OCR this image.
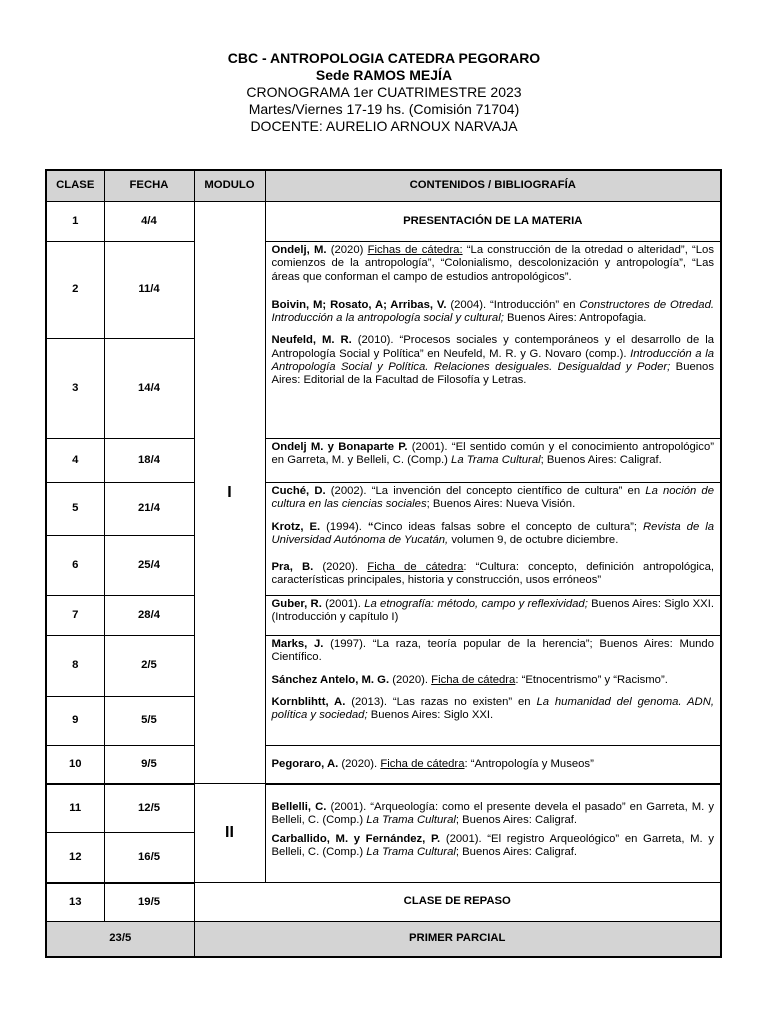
CBC - ANTROPOLOGIA CATEDRA PEGORARO
Sede RAMOS MEJÍA
CRONOGRAMA 1er CUATRIMESTRE 2023
Martes/Viernes 17-19 hs. (Comisión 71704)
DOCENTE: AURELIO ARNOUX NARVAJA
CLASE	FECHA	MODULO	CONTENIDOS / BIBLIOGRAFÍA
1	4/4	I	PRESENTACIÓN DE LA MATERIA
2	11/4		Ondelj, M. (2020) Fichas de cátedra: “La construcción de la otredad o alteridad”, “Los comienzos de la antropología”, “Colonialismo, descolonización y antropología”, “Las áreas que conforman el campo de estudios antropológicos”.
Boivin, M; Rosato, A; Arribas, V. (2004). “Introducción” en Constructores de Otredad. Introducción a la antropología social y cultural; Buenos Aires: Antropofagia.
Neufeld, M. R. (2010). “Procesos sociales y contemporáneos y el desarrollo de la Antropología Social y Política” en Neufeld, M. R. y G. Novaro (comp.). Introducción a la Antropología Social y Política. Relaciones desiguales. Desigualdad y Poder; Buenos Aires: Editorial de la Facultad de Filosofía y Letras.

3	14/4		
4	18/4		Ondelj M. y Bonaparte P. (2001). “El sentido común y el conocimiento antropológico” en Garreta, M. y Belleli, C. (Comp.) La Trama Cultural; Buenos Aires: Caligraf.

5	21/4		Cuché, D. (2002). “La invención del concepto científico de cultura” en La noción de cultura en las ciencias sociales; Buenos Aires: Nueva Visión.
Krotz, E. (1994). “Cinco ideas falsas sobre el concepto de cultura”; Revista de la Universidad Autónoma de Yucatán, volumen 9, de octubre diciembre.
Pra, B. (2020). Ficha de cátedra: “Cultura: concepto, definición antropológica, características principales, historia y construcción, usos erróneos”

6	25/4		
7	28/4		Guber, R. (2001). La etnografía: método, campo y reflexividad; Buenos Aires: Siglo XXI. (Introducción y capítulo I)

8	2/5		Marks, J. (1997). “La raza, teoría popular de la herencia”; Buenos Aires: Mundo Científico.
Sánchez Antelo, M. G. (2020). Ficha de cátedra: “Etnocentrismo” y “Racismo”.
Kornblihtt, A. (2013). “Las razas no existen” en La humanidad del genoma. ADN, política y sociedad; Buenos Aires: Siglo XXI.

9	5/5		
10	9/5		Pegoraro, A. (2020). Ficha de cátedra: “Antropología y Museos”

11	12/5	II	Bellelli, C. (2001). “Arqueología: como el presente devela el pasado” en Garreta, M. y Belleli, C. (Comp.) La Trama Cultural; Buenos Aires: Caligraf.
Carballido, M. y Fernández, P. (2001). “El registro Arqueológico” en Garreta, M. y Belleli, C. (Comp.) La Trama Cultural; Buenos Aires: Caligraf.

12	16/5		
13	19/5	CLASE DE REPASO	
23/5		PRIMER PARCIAL	
